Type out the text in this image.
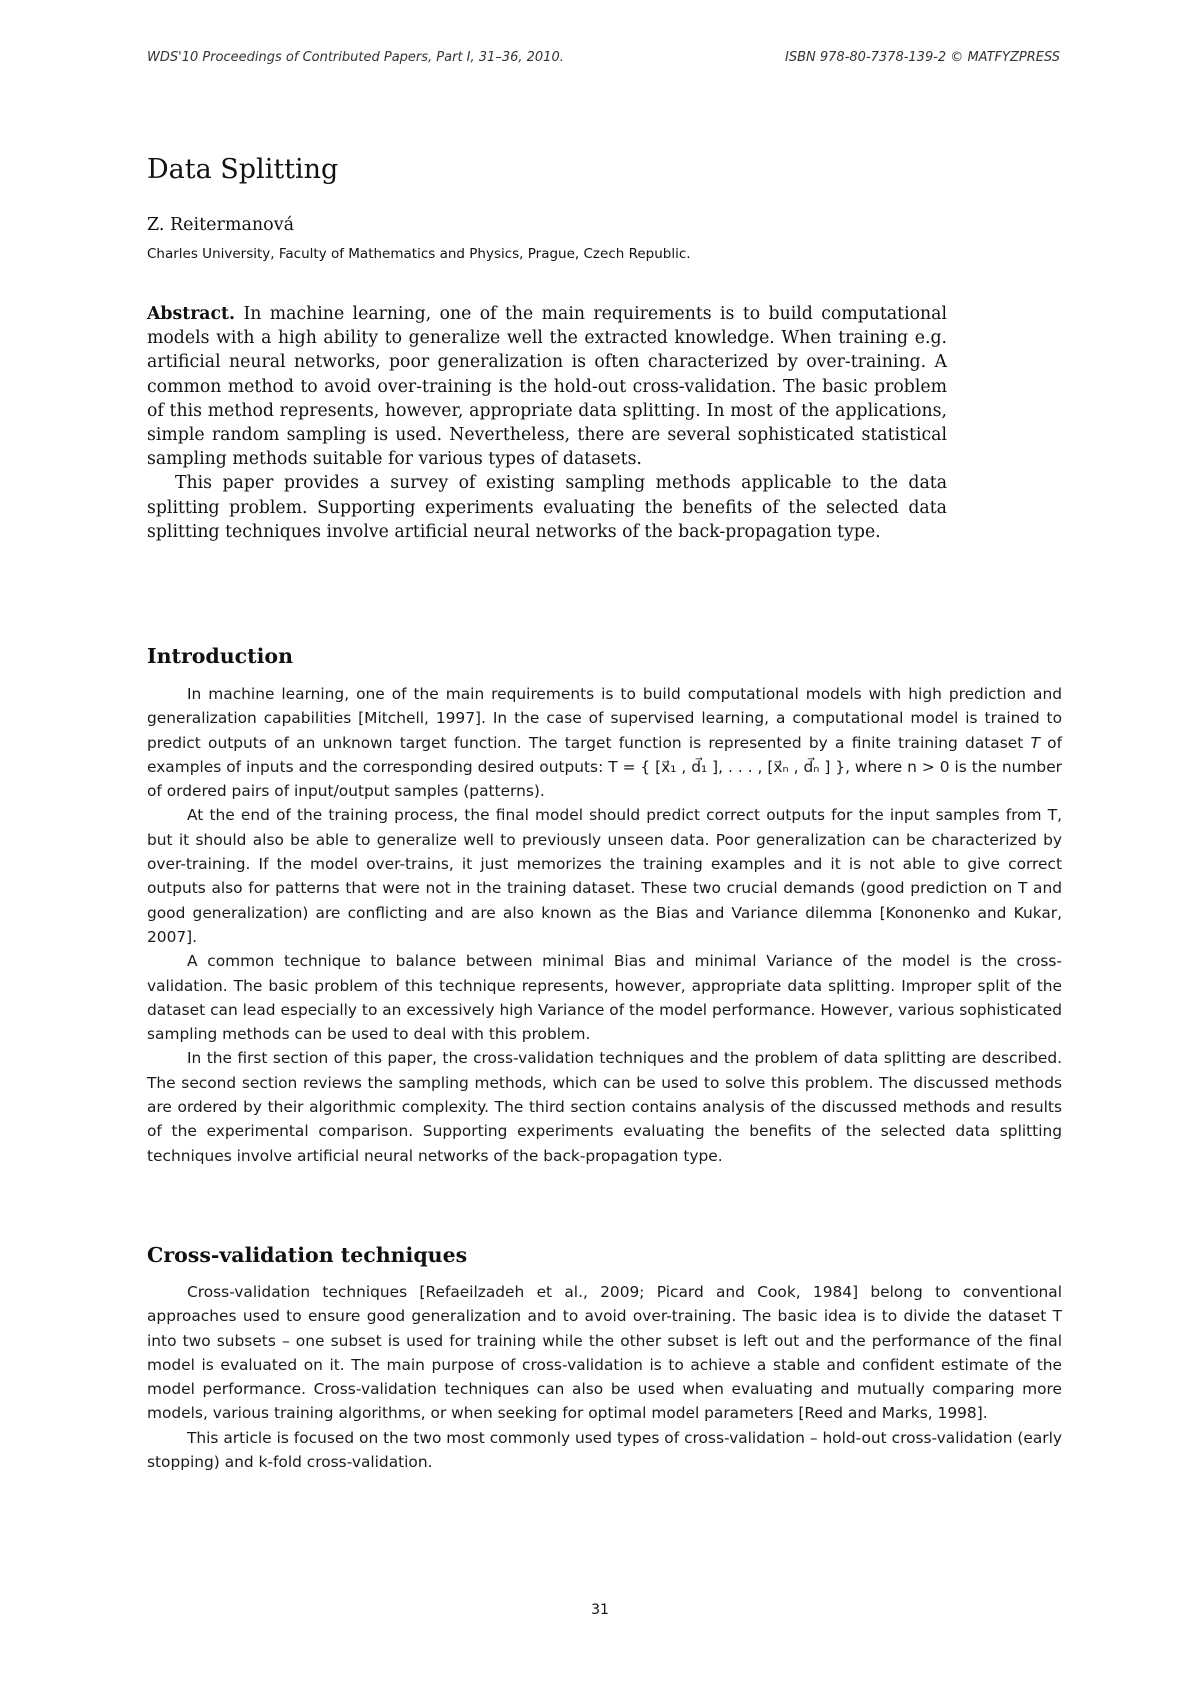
WDS'10 Proceedings of Contributed Papers, Part I, 31–36, 2010.	ISBN 978-80-7378-139-2 © MATFYZPRESS
Data Splitting
Z. Reitermanová
Charles University, Faculty of Mathematics and Physics, Prague, Czech Republic.

Abstract. In machine learning, one of the main requirements is to build computational models with a high ability to generalize well the extracted knowledge. When training e.g. artificial neural networks, poor generalization is often characterized by over-training. A common method to avoid over-training is the hold-out cross-validation. The basic problem of this method represents, however, appropriate data splitting. In most of the applications, simple random sampling is used. Nevertheless, there are several sophisticated statistical sampling methods suitable for various types of datasets.

This paper provides a survey of existing sampling methods applicable to the data splitting problem. Supporting experiments evaluating the benefits of the selected data splitting techniques involve artificial neural networks of the back-propagation type.

Introduction

In machine learning, one of the main requirements is to build computational models with high prediction and generalization capabilities [Mitchell, 1997]. In the case of supervised learning, a computational model is trained to predict outputs of an unknown target function. The target function is represented by a finite training dataset T of examples of inputs and the corresponding desired outputs: T = { [x⃗₁ , d⃗₁ ], . . . , [x⃗ₙ , d⃗ₙ ] }, where n > 0 is the number of ordered pairs of input/output samples (patterns).

At the end of the training process, the final model should predict correct outputs for the input samples from T, but it should also be able to generalize well to previously unseen data. Poor generalization can be characterized by over-training. If the model over-trains, it just memorizes the training examples and it is not able to give correct outputs also for patterns that were not in the training dataset. These two crucial demands (good prediction on T and good generalization) are conflicting and are also known as the Bias and Variance dilemma [Kononenko and Kukar, 2007].

A common technique to balance between minimal Bias and minimal Variance of the model is the cross-validation. The basic problem of this technique represents, however, appropriate data splitting. Improper split of the dataset can lead especially to an excessively high Variance of the model performance. However, various sophisticated sampling methods can be used to deal with this problem.

In the first section of this paper, the cross-validation techniques and the problem of data splitting are described. The second section reviews the sampling methods, which can be used to solve this problem. The discussed methods are ordered by their algorithmic complexity. The third section contains analysis of the discussed methods and results of the experimental comparison. Supporting experiments evaluating the benefits of the selected data splitting techniques involve artificial neural networks of the back-propagation type.

Cross-validation techniques

Cross-validation techniques [Refaeilzadeh et al., 2009; Picard and Cook, 1984] belong to conventional approaches used to ensure good generalization and to avoid over-training. The basic idea is to divide the dataset T into two subsets – one subset is used for training while the other subset is left out and the performance of the final model is evaluated on it. The main purpose of cross-validation is to achieve a stable and confident estimate of the model performance. Cross-validation techniques can also be used when evaluating and mutually comparing more models, various training algorithms, or when seeking for optimal model parameters [Reed and Marks, 1998].

This article is focused on the two most commonly used types of cross-validation – hold-out cross-validation (early stopping) and k-fold cross-validation.

31
